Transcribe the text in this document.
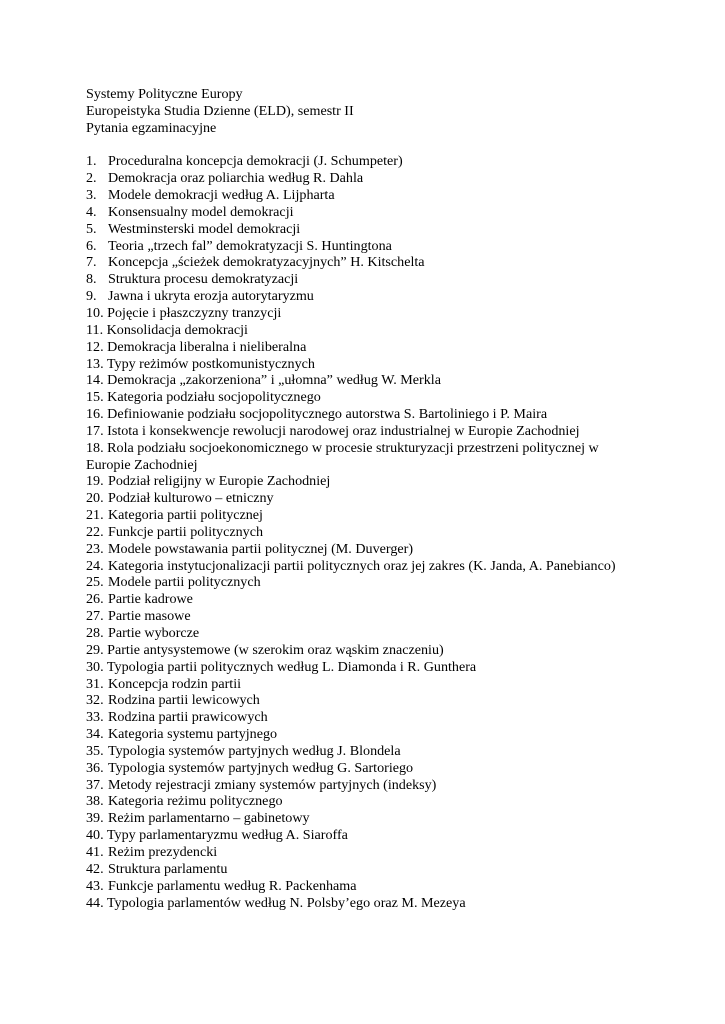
Systemy Polityczne Europy
Europeistyka Studia Dzienne (ELD), semestr II
Pytania egzaminacyjne
1. Proceduralna koncepcja demokracji (J. Schumpeter)
2. Demokracja oraz poliarchia według R. Dahla
3. Modele demokracji według A. Lijpharta
4. Konsensualny model demokracji
5. Westminsterski model demokracji
6. Teoria „trzech fal” demokratyzacji S. Huntingtona
7. Koncepcja „ścieżek demokratyzacyjnych” H. Kitschelta
8. Struktura procesu demokratyzacji
9. Jawna i ukryta erozja autorytaryzmu
10. Pojęcie i płaszczyzny tranzycji
11. Konsolidacja demokracji
12. Demokracja liberalna i nieliberalna
13. Typy reżimów postkomunistycznych
14. Demokracja „zakorzeniona” i „ułomna” według W. Merkla
15. Kategoria podziału socjopolitycznego
16. Definiowanie podziału socjopolitycznego autorstwa S. Bartoliniego i P. Maira
17. Istota i konsekwencje rewolucji narodowej oraz industrialnej w Europie Zachodniej
18. Rola podziału socjoekonomicznego w procesie strukturyzacji przestrzeni politycznej w Europie Zachodniej
19. Podział religijny w Europie Zachodniej
20. Podział kulturowo – etniczny
21. Kategoria partii politycznej
22. Funkcje partii politycznych
23. Modele powstawania partii politycznej (M. Duverger)
24. Kategoria instytucjonalizacji partii politycznych oraz jej zakres (K. Janda, A. Panebianco)
25. Modele partii politycznych
26. Partie kadrowe
27. Partie masowe
28. Partie wyborcze
29. Partie antysystemowe (w szerokim oraz wąskim znaczeniu)
30. Typologia partii politycznych według L. Diamonda i R. Gunthera
31. Koncepcja rodzin partii
32. Rodzina partii lewicowych
33. Rodzina partii prawicowych
34. Kategoria systemu partyjnego
35. Typologia systemów partyjnych według J. Blondela
36. Typologia systemów partyjnych według G. Sartoriego
37. Metody rejestracji zmiany systemów partyjnych (indeksy)
38. Kategoria reżimu politycznego
39. Reżim parlamentarno – gabinetowy
40. Typy parlamentaryzmu według A. Siaroffa
41. Reżim prezydencki
42. Struktura parlamentu
43. Funkcje parlamentu według R. Packenhama
44. Typologia parlamentów według N. Polsby’ego oraz M. Mezeya
